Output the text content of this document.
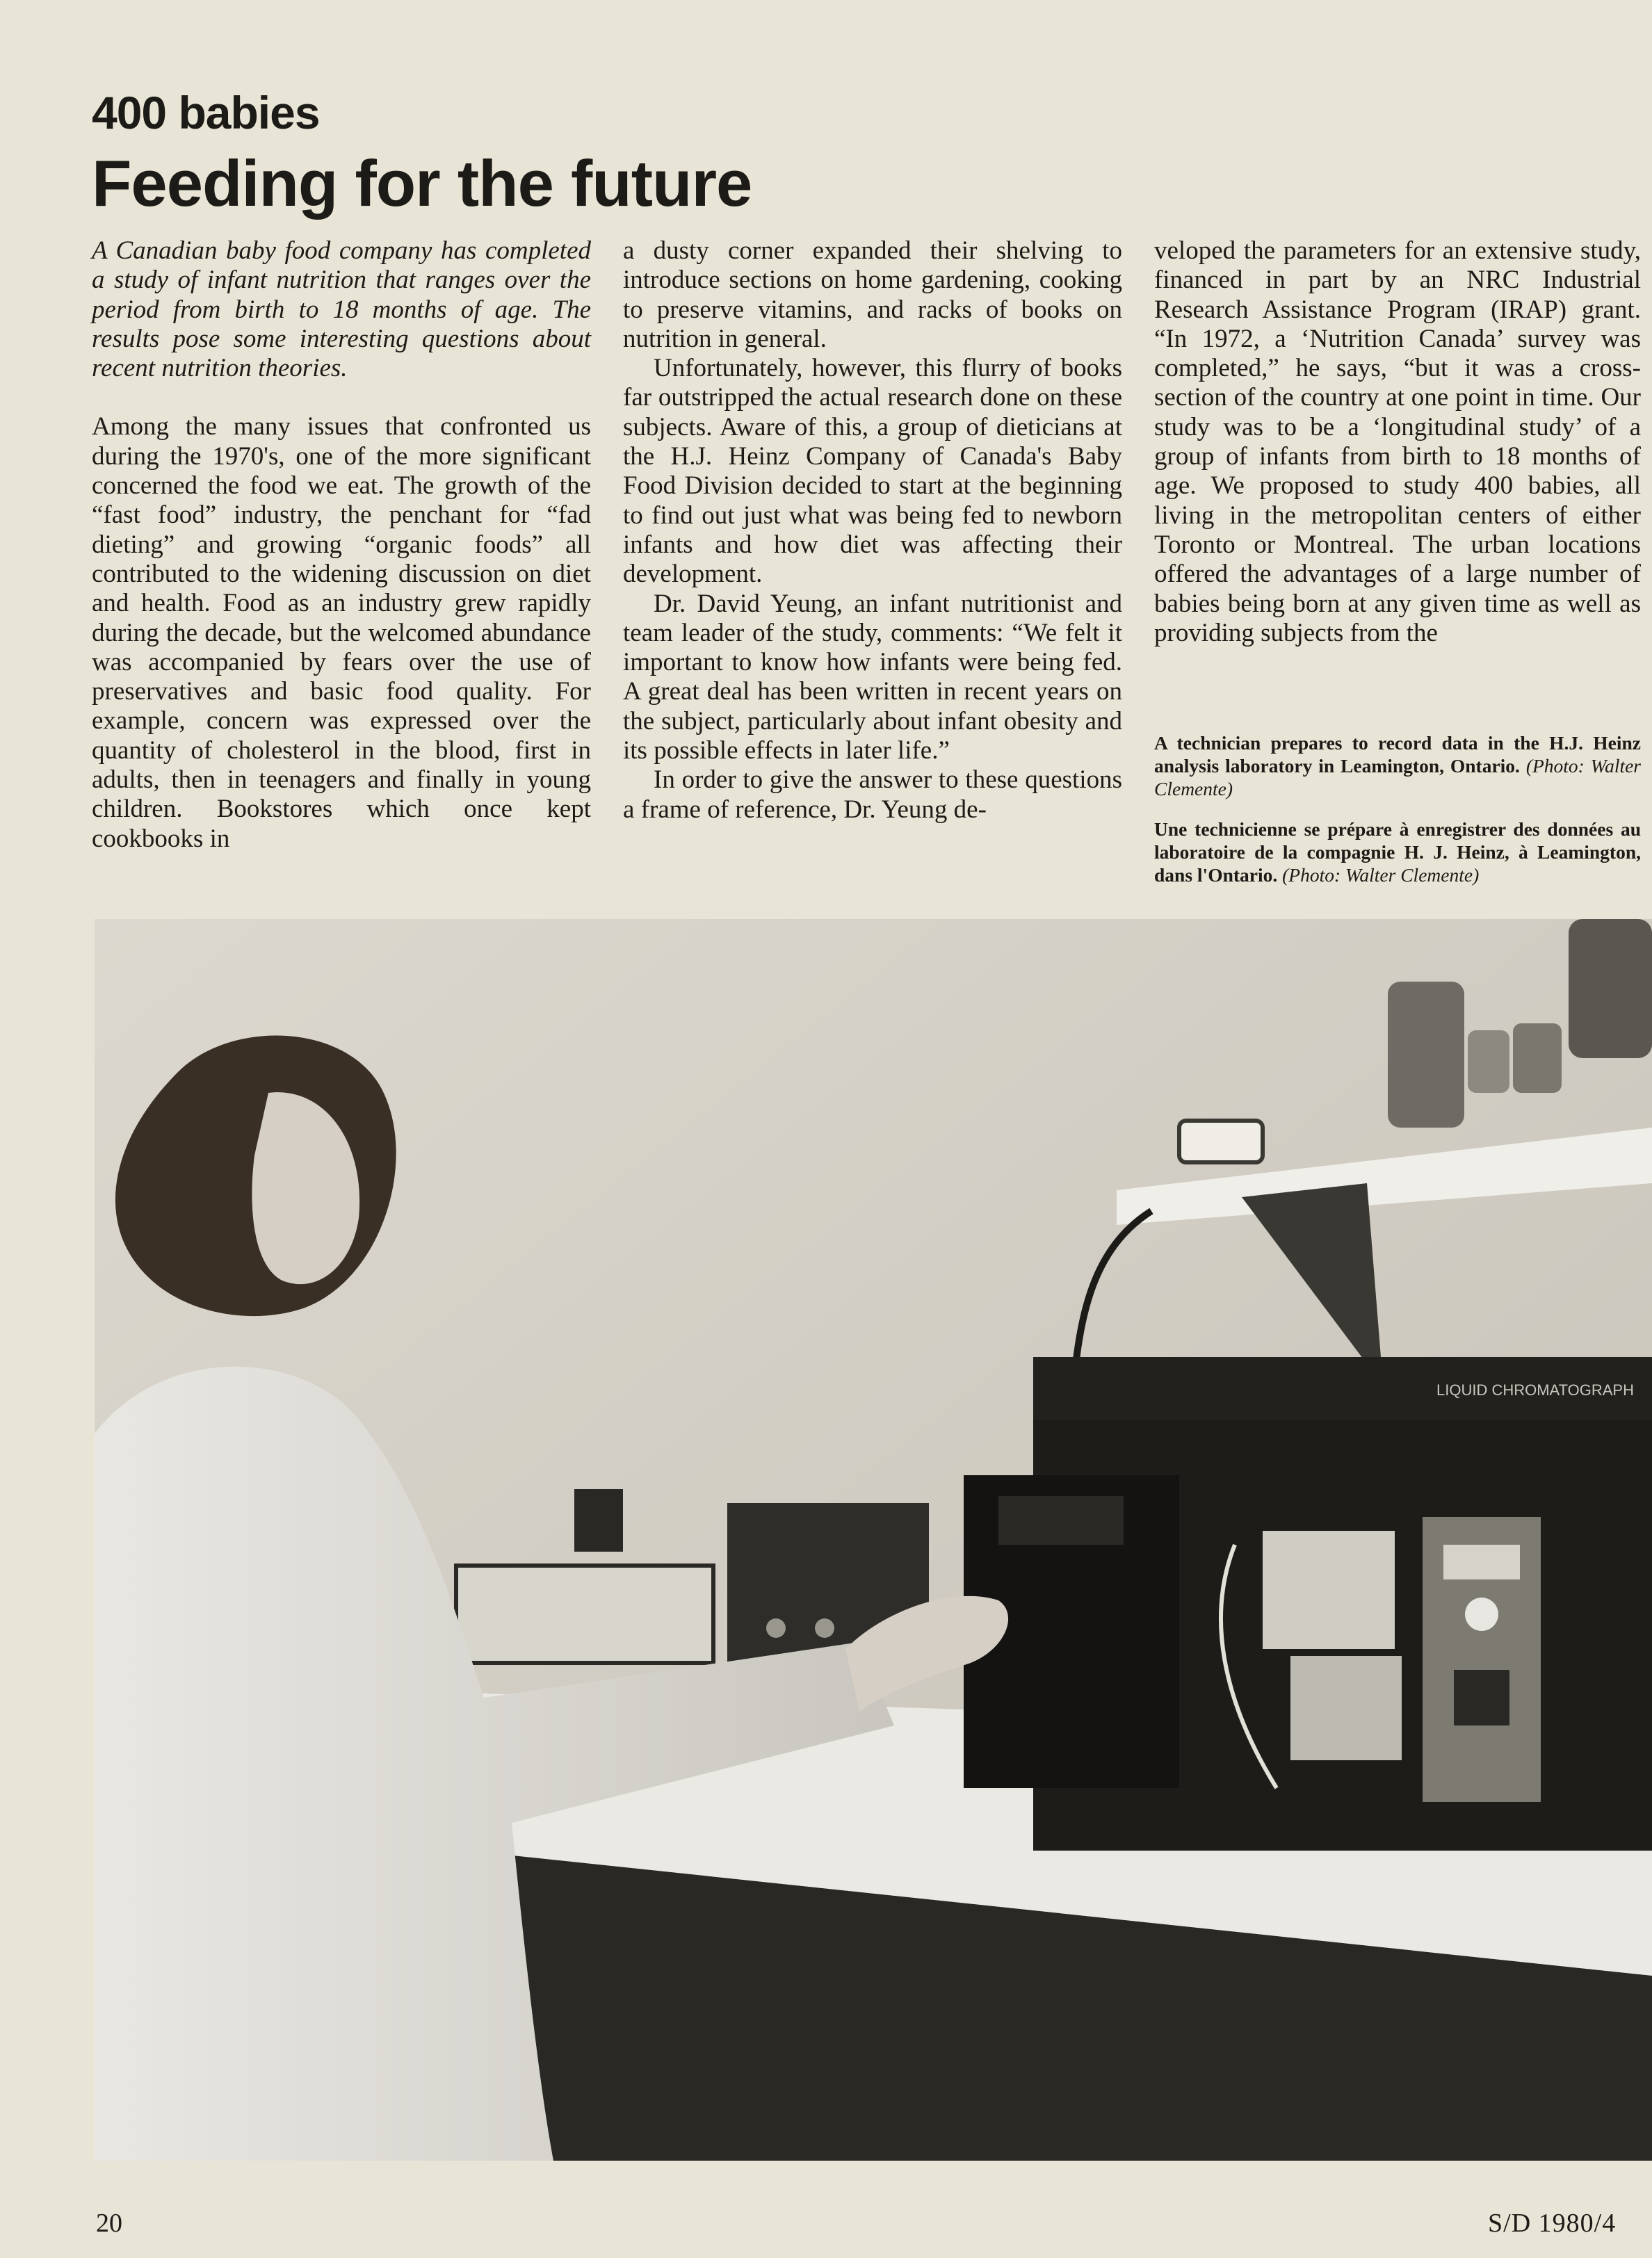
400 babies
Feeding for the future

A Canadian baby food company has completed a study of infant nutrition that ranges over the period from birth to 18 months of age. The results pose some interesting questions about recent nutrition theories.

Among the many issues that confronted us during the 1970's, one of the more significant concerned the food we eat. The growth of the “fast food” industry, the penchant for “fad dieting” and growing “organic foods” all contributed to the widening discussion on diet and health. Food as an industry grew rapidly during the decade, but the welcomed abundance was accompanied by fears over the use of preservatives and basic food quality. For example, concern was expressed over the quantity of cholesterol in the blood, first in adults, then in teenagers and finally in young children. Bookstores which once kept cookbooks in

a dusty corner expanded their shelving to introduce sections on home gardening, cooking to preserve vitamins, and racks of books on nutrition in general.

Unfortunately, however, this flurry of books far outstripped the actual research done on these subjects. Aware of this, a group of dieticians at the H.J. Heinz Company of Canada's Baby Food Division decided to start at the beginning to find out just what was being fed to newborn infants and how diet was affecting their development.

Dr. David Yeung, an infant nutritionist and team leader of the study, comments: “We felt it important to know how infants were being fed. A great deal has been written in recent years on the subject, particularly about infant obesity and its possible effects in later life.”

In order to give the answer to these questions a frame of reference, Dr. Yeung de-

veloped the parameters for an extensive study, financed in part by an NRC Industrial Research Assistance Program (IRAP) grant. “In 1972, a ‘Nutrition Canada’ survey was completed,” he says, “but it was a cross-section of the country at one point in time. Our study was to be a ‘longitudinal study’ of a group of infants from birth to 18 months of age. We proposed to study 400 babies, all living in the metropolitan centers of either Toronto or Montreal. The urban locations offered the advantages of a large number of babies being born at any given time as well as providing subjects from the

A technician prepares to record data in the H.J. Heinz analysis laboratory in Leamington, Ontario. (Photo: Walter Clemente)
Une technicienne se prépare à enregistrer des données au laboratoire de la compagnie H. J. Heinz, à Leamington, dans l'Ontario. (Photo: Walter Clemente)
LIQUID CHROMATOGRAPH
20	S/D 1980/4
